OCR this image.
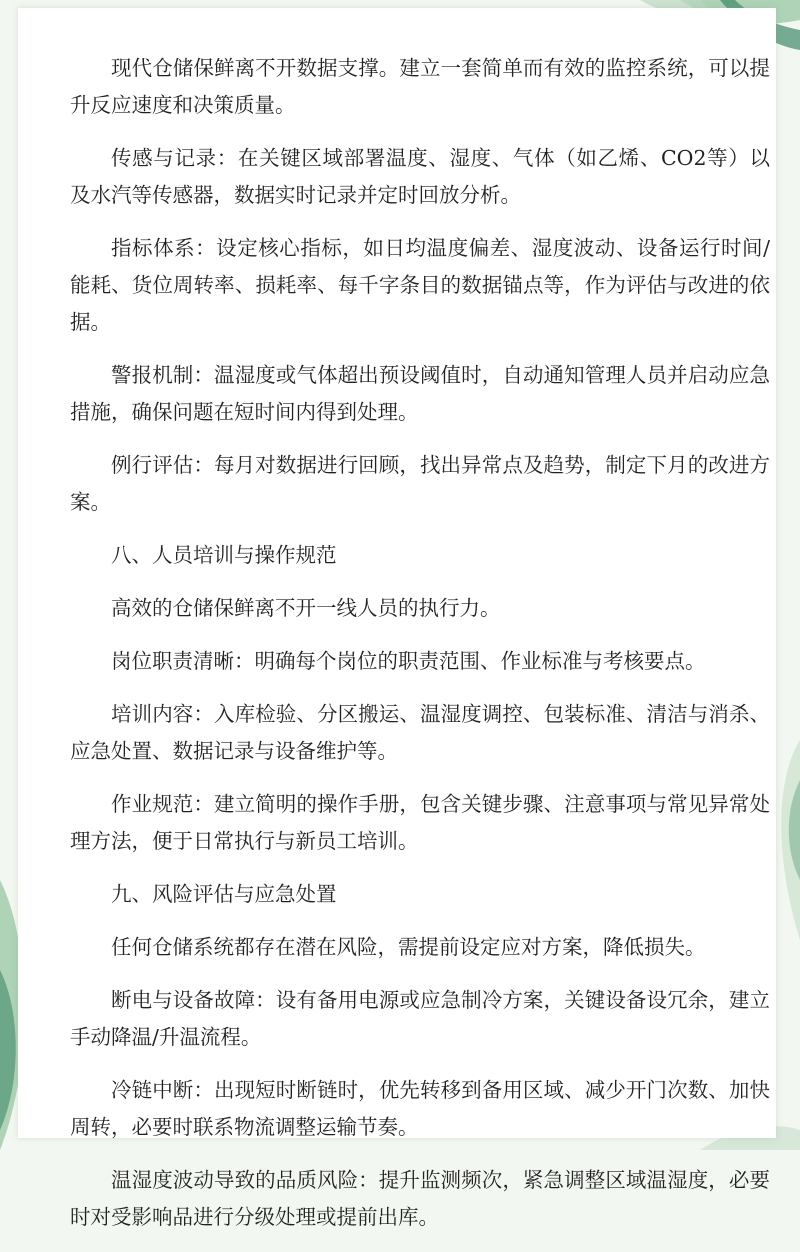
现代仓储保鲜离不开数据支撑。建立一套简单而有效的监控系统，可以提升反应速度和决策质量。

传感与记录：在关键区域部署温度、湿度、气体（如乙烯、CO2等）以及水汽等传感器，数据实时记录并定时回放分析。

指标体系：设定核心指标，如日均温度偏差、湿度波动、设备运行时间/能耗、货位周转率、损耗率、每千字条目的数据锚点等，作为评估与改进的依据。

警报机制：温湿度或气体超出预设阈值时，自动通知管理人员并启动应急措施，确保问题在短时间内得到处理。

例行评估：每月对数据进行回顾，找出异常点及趋势，制定下月的改进方案。

八、人员培训与操作规范

高效的仓储保鲜离不开一线人员的执行力。

岗位职责清晰：明确每个岗位的职责范围、作业标准与考核要点。

培训内容：入库检验、分区搬运、温湿度调控、包装标准、清洁与消杀、应急处置、数据记录与设备维护等。

作业规范：建立简明的操作手册，包含关键步骤、注意事项与常见异常处理方法，便于日常执行与新员工培训。

九、风险评估与应急处置

任何仓储系统都存在潜在风险，需提前设定应对方案，降低损失。

断电与设备故障：设有备用电源或应急制冷方案，关键设备设冗余，建立手动降温/升温流程。

冷链中断：出现短时断链时，优先转移到备用区域、减少开门次数、加快周转，必要时联系物流调整运输节奏。

温湿度波动导致的品质风险：提升监测频次，紧急调整区域温湿度，必要时对受影响品进行分级处理或提前出库。
